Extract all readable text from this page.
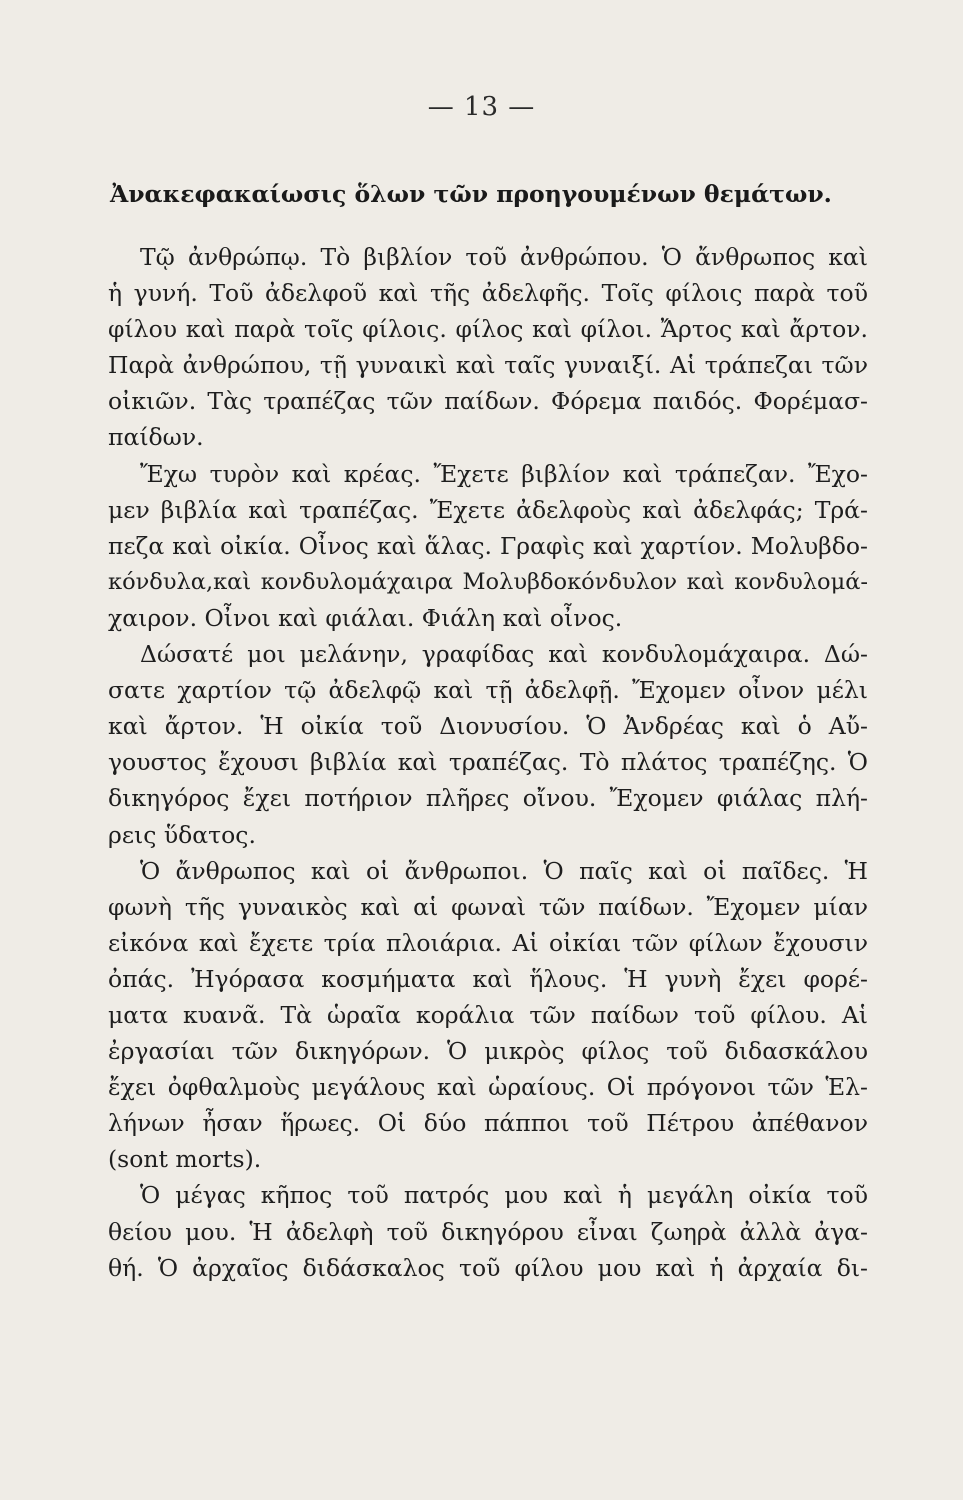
— 13 —
Ἀνακεφακαίωσις ὅλων τῶν προηγουμένων θεμάτων.
Τῷ ἀνθρώπῳ. Τὸ βιβλίον τοῦ ἀνθρώπου. Ὁ ἄνθρωπος καὶ
ἡ γυνή. Τοῦ ἀδελφοῦ καὶ τῆς ἀδελφῆς. Τοῖς φίλοις παρὰ τοῦ
φίλου καὶ παρὰ τοῖς φίλοις. φίλος καὶ φίλοι. Ἄρτος καὶ ἄρτον.
Παρὰ ἀνθρώπου, τῇ γυναικὶ καὶ ταῖς γυναιξί. Αἱ τράπεζαι τῶν
οἰκιῶν. Τὰς τραπέζας τῶν παίδων. Φόρεμα παιδός. Φορέμασ-
παίδων.
Ἔχω τυρὸν καὶ κρέας. Ἔχετε βιβλίον καὶ τράπεζαν. Ἔχο-
μεν βιβλία καὶ τραπέζας. Ἔχετε ἀδελφοὺς καὶ ἀδελφάς; Τρά-
πεζα καὶ οἰκία. Οἶνος καὶ ἅλας. Γραφὶς καὶ χαρτίον. Μολυβδο-
κόνδυλα,καὶ κονδυλομάχαιρα Μολυβδοκόνδυλον καὶ κονδυλομά-
χαιρον. Οἶνοι καὶ φιάλαι. Φιάλη καὶ οἶνος.
Δώσατέ μοι μελάνην, γραφίδας καὶ κονδυλομάχαιρα. Δώ-
σατε χαρτίον τῷ ἀδελφῷ καὶ τῇ ἀδελφῇ. Ἔχομεν οἶνον μέλι
καὶ ἄρτον. Ἡ οἰκία τοῦ Διονυσίου. Ὁ Ἀνδρέας καὶ ὁ Αὔ-
γουστος ἔχουσι βιβλία καὶ τραπέζας. Τὸ πλάτος τραπέζης. Ὁ
δικηγόρος ἔχει ποτήριον πλῆρες οἴνου. Ἔχομεν φιάλας πλή-
ρεις ὕδατος.
Ὁ ἄνθρωπος καὶ οἱ ἄνθρωποι. Ὁ παῖς καὶ οἱ παῖδες. Ἡ
φωνὴ τῆς γυναικὸς καὶ αἱ φωναὶ τῶν παίδων. Ἔχομεν μίαν
εἰκόνα καὶ ἔχετε τρία πλοιάρια. Αἱ οἰκίαι τῶν φίλων ἔχουσιν
ὀπάς. Ἠγόρασα κοσμήματα καὶ ἥλους. Ἡ γυνὴ ἔχει φορέ-
ματα κυανᾶ. Τὰ ὡραῖα κοράλια τῶν παίδων τοῦ φίλου. Αἱ
ἐργασίαι τῶν δικηγόρων. Ὁ μικρὸς φίλος τοῦ διδασκάλου
ἔχει ὀφθαλμοὺς μεγάλους καὶ ὡραίους. Οἱ πρόγονοι τῶν Ἑλ-
λήνων ἦσαν ἥρωες. Οἱ δύο πάπποι τοῦ Πέτρου ἀπέθανον
(sont morts).
Ὁ μέγας κῆπος τοῦ πατρός μου καὶ ἡ μεγάλη οἰκία τοῦ
θείου μου. Ἡ ἀδελφὴ τοῦ δικηγόρου εἶναι ζωηρὰ ἀλλὰ ἀγα-
θή. Ὁ ἀρχαῖος διδάσκαλος τοῦ φίλου μου καὶ ἡ ἀρχαία δι-
